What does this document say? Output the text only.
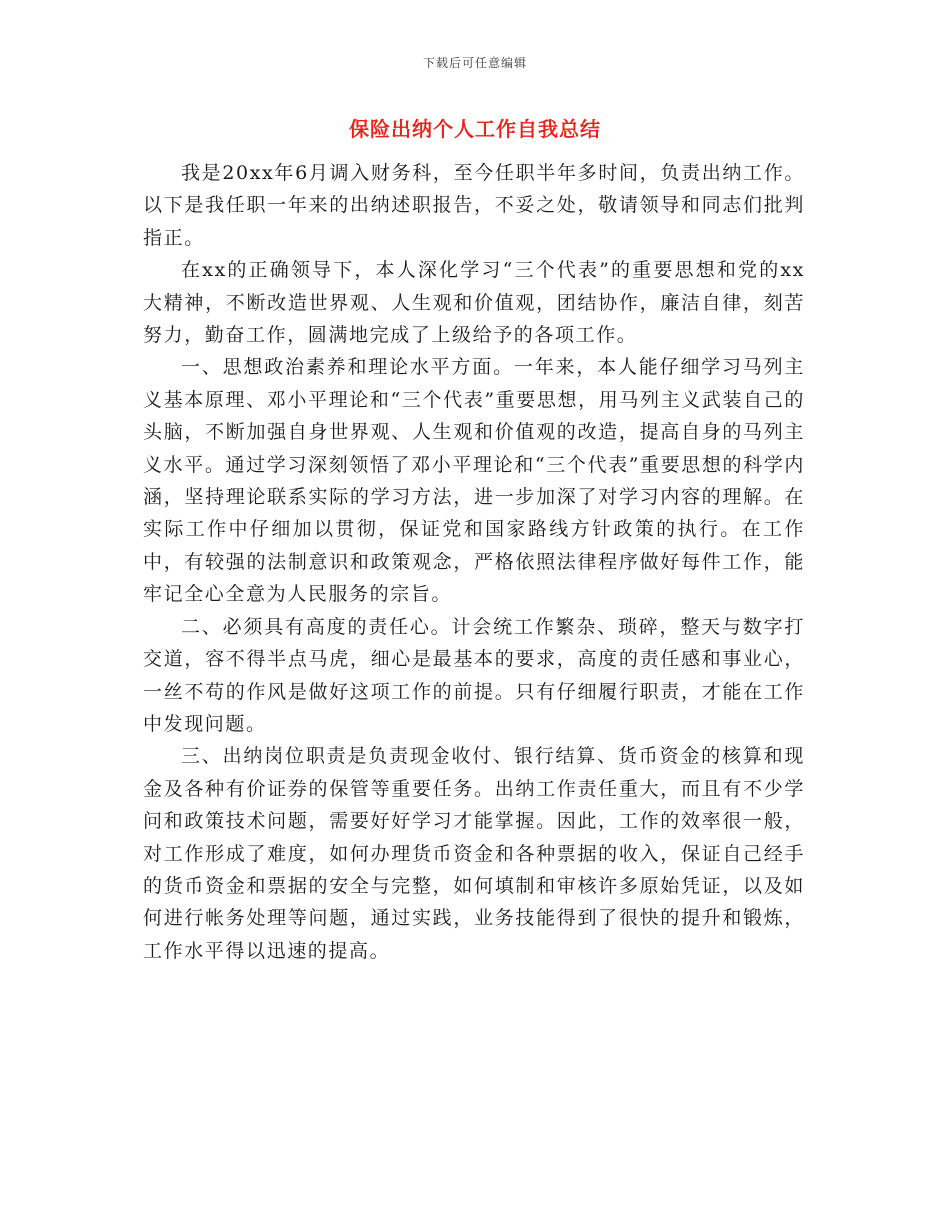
下载后可任意编辑
保险出纳个人工作自我总结

我是20xx年6月调入财务科，至今任职半年多时间，负责出纳工作。以下是我任职一年来的出纳述职报告，不妥之处，敬请领导和同志们批判指正。

在xx的正确领导下，本人深化学习“三个代表”的重要思想和党的xx大精神，不断改造世界观、人生观和价值观，团结协作，廉洁自律，刻苦努力，勤奋工作，圆满地完成了上级给予的各项工作。

一、思想政治素养和理论水平方面。一年来，本人能仔细学习马列主义基本原理、邓小平理论和“三个代表”重要思想，用马列主义武装自己的头脑，不断加强自身世界观、人生观和价值观的改造，提高自身的马列主义水平。通过学习深刻领悟了邓小平理论和“三个代表”重要思想的科学内涵，坚持理论联系实际的学习方法，进一步加深了对学习内容的理解。在实际工作中仔细加以贯彻，保证党和国家路线方针政策的执行。在工作中，有较强的法制意识和政策观念，严格依照法律程序做好每件工作，能牢记全心全意为人民服务的宗旨。

二、必须具有高度的责任心。计会统工作繁杂、琐碎，整天与数字打交道，容不得半点马虎，细心是最基本的要求，高度的责任感和事业心，一丝不苟的作风是做好这项工作的前提。只有仔细履行职责，才能在工作中发现问题。

三、出纳岗位职责是负责现金收付、银行结算、货币资金的核算和现金及各种有价证券的保管等重要任务。出纳工作责任重大，而且有不少学问和政策技术问题，需要好好学习才能掌握。因此，工作的效率很一般，对工作形成了难度，如何办理货币资金和各种票据的收入，保证自己经手的货币资金和票据的安全与完整，如何填制和审核许多原始凭证，以及如何进行帐务处理等问题，通过实践，业务技能得到了很快的提升和锻炼，工作水平得以迅速的提高。
